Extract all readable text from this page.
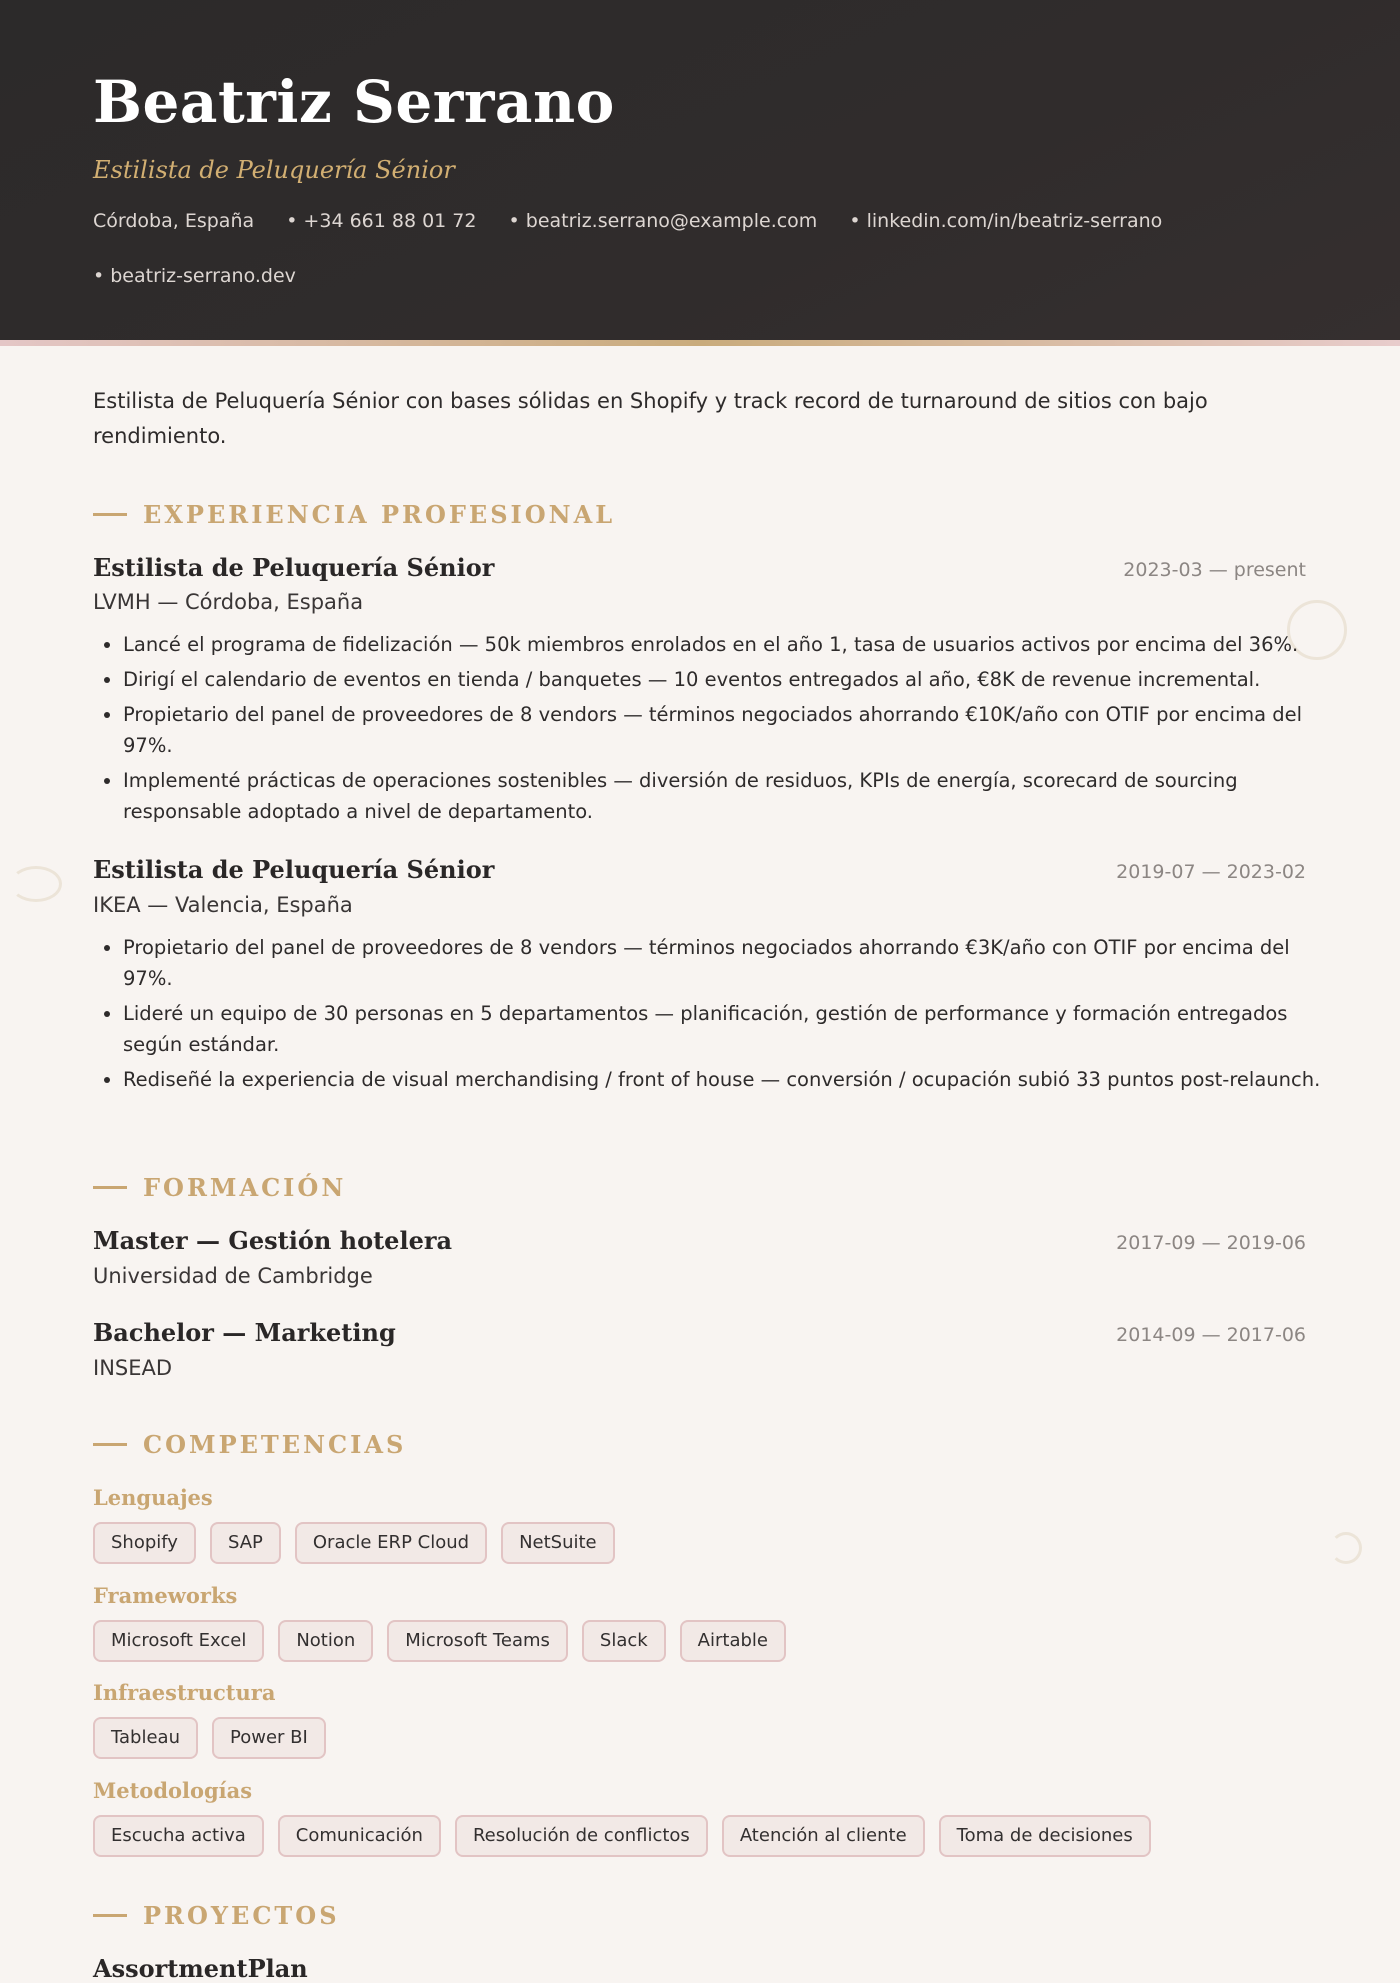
Beatriz Serrano
Estilista de Peluquería Sénior
Córdoba, España • +34 661 88 01 72 • beatriz.serrano@example.com • linkedin.com/in/beatriz-serrano
• beatriz-serrano.dev

Estilista de Peluquería Sénior con bases sólidas en Shopify y track record de turnaround de sitios con bajo rendimiento.

EXPERIENCIA PROFESIONAL
Estilista de Peluquería Sénior	2023-03 — present
LVMH — Córdoba, España
• Lancé el programa de fidelización — 50k miembros enrolados en el año 1, tasa de usuarios activos por encima del 36%.
• Dirigí el calendario de eventos en tienda / banquetes — 10 eventos entregados al año, €8K de revenue incremental.
• Propietario del panel de proveedores de 8 vendors — términos negociados ahorrando €10K/año con OTIF por encima del 97%.
• Implementé prácticas de operaciones sostenibles — diversión de residuos, KPIs de energía, scorecard de sourcing responsable adoptado a nivel de departamento.
Estilista de Peluquería Sénior	2019-07 — 2023-02
IKEA — Valencia, España
• Propietario del panel de proveedores de 8 vendors — términos negociados ahorrando €3K/año con OTIF por encima del 97%.
• Lideré un equipo de 30 personas en 5 departamentos — planificación, gestión de performance y formación entregados según estándar.
• Rediseñé la experiencia de visual merchandising / front of house — conversión / ocupación subió 33 puntos post-relaunch.
FORMACIÓN
Master — Gestión hotelera	2017-09 — 2019-06
Universidad de Cambridge
Bachelor — Marketing	2014-09 — 2017-06
INSEAD
COMPETENCIAS
Lenguajes
Shopify	SAP	Oracle ERP Cloud	NetSuite
Frameworks
Microsoft Excel	Notion	Microsoft Teams	Slack	Airtable
Infraestructura
Tableau	Power BI
Metodologías
Escucha activa	Comunicación	Resolución de conflictos	Atención al cliente	Toma de decisiones
PROYECTOS
AssortmentPlan
